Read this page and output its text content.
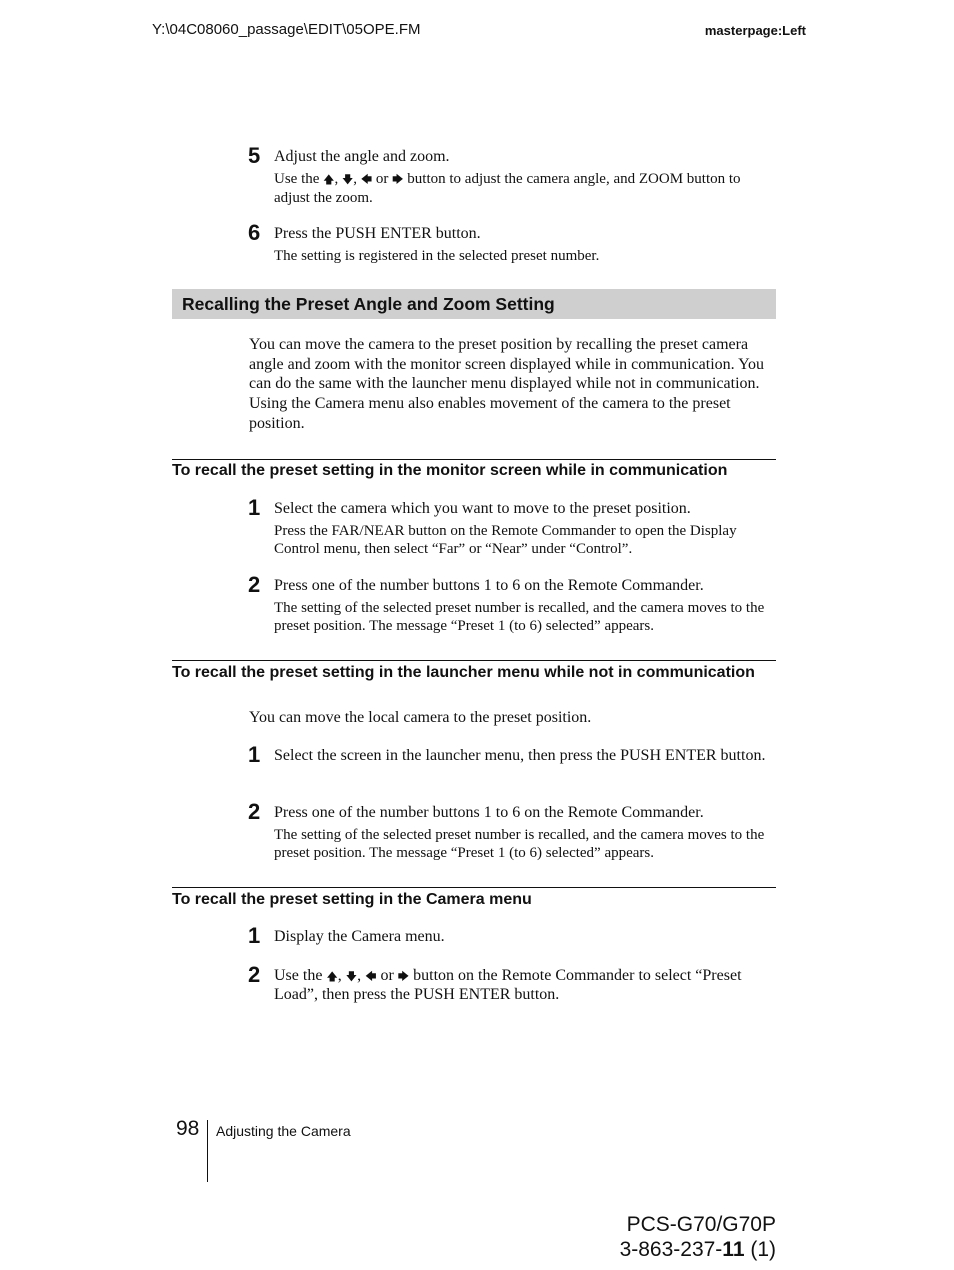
Y:\04C08060_passage\EDIT\05OPE.FM	masterpage:Left
5 Adjust the angle and zoom.
Use the 🡅, 🡇, 🡄 or 🡆 button to adjust the camera angle, and ZOOM button to adjust the zoom.
6 Press the PUSH ENTER button.
The setting is registered in the selected preset number.
Recalling the Preset Angle and Zoom Setting
You can move the camera to the preset position by recalling the preset camera angle and zoom with the monitor screen displayed while in communication. You can do the same with the launcher menu displayed while not in communication. Using the Camera menu also enables movement of the camera to the preset position.
To recall the preset setting in the monitor screen while in communication
1 Select the camera which you want to move to the preset position.
Press the FAR/NEAR button on the Remote Commander to open the Display Control menu, then select “Far” or “Near” under “Control”.
2 Press one of the number buttons 1 to 6 on the Remote Commander.
The setting of the selected preset number is recalled, and the camera moves to the preset position. The message “Preset 1 (to 6) selected” appears.
To recall the preset setting in the launcher menu while not in communication
You can move the local camera to the preset position.
1 Select the screen in the launcher menu, then press the PUSH ENTER button.
2 Press one of the number buttons 1 to 6 on the Remote Commander.
The setting of the selected preset number is recalled, and the camera moves to the preset position. The message “Preset 1 (to 6) selected” appears.
To recall the preset setting in the Camera menu
1 Display the Camera menu.
2 Use the 🡅, 🡇, 🡄 or 🡆 button on the Remote Commander to select “Preset Load”, then press the PUSH ENTER button.
98 Adjusting the Camera
PCS-G70/G70P
3-863-237-11 (1)
